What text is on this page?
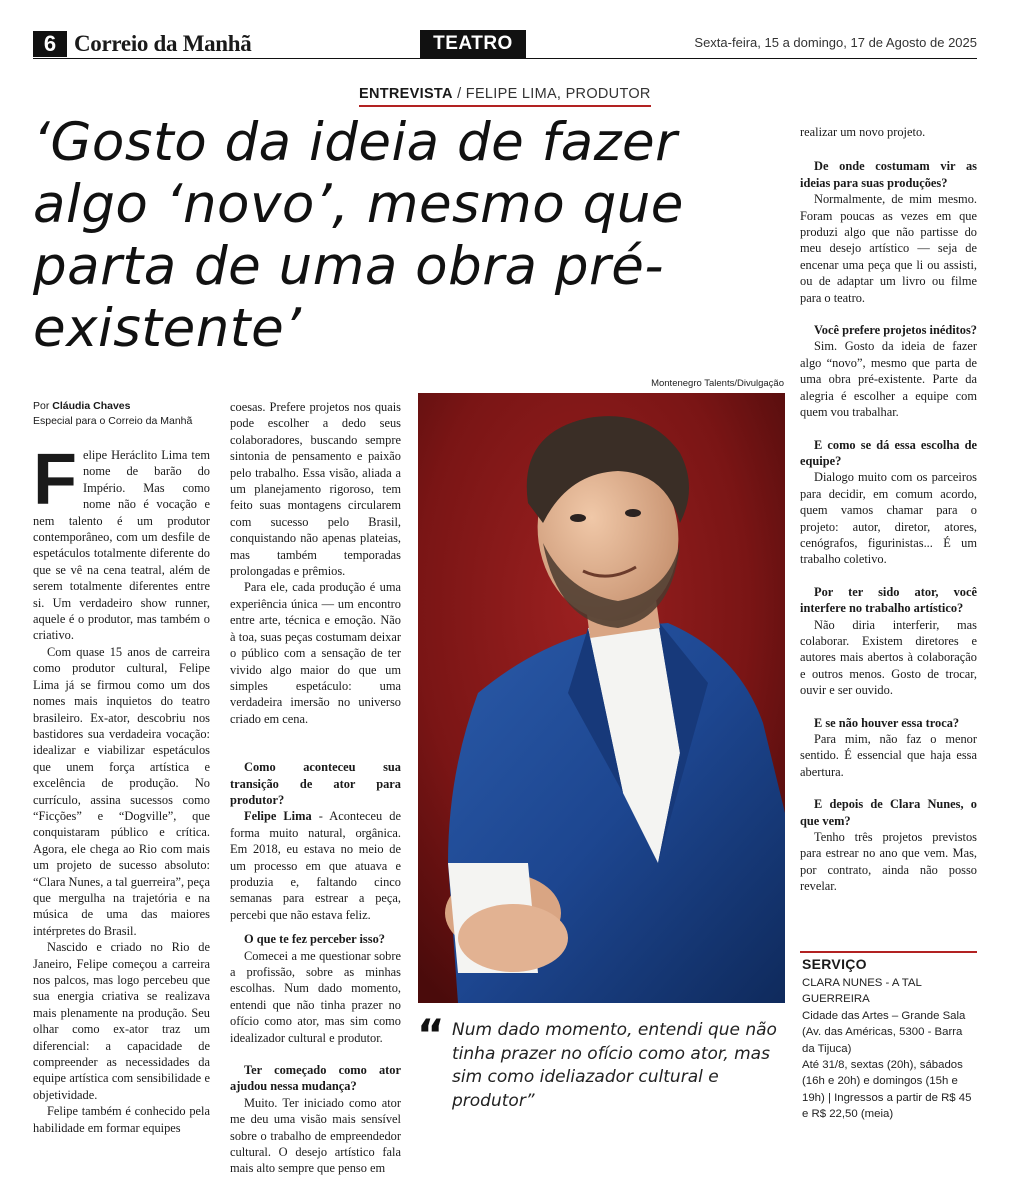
6 Correio da Manhã	TEATRO	Sexta-feira, 15 a domingo, 17 de Agosto de 2025
ENTREVISTA / FELIPE LIMA, PRODUTOR
‘Gosto da ideia de fazer algo ‘novo’, mesmo que parta de uma obra pré-existente’
Montenegro Talents/Divulgação
Por Cláudia Chaves
Especial para o Correio da Manhã

Felipe Heráclito Lima tem nome de barão do Império. Mas como nome não é vocação e nem talento é um produtor contemporâneo, com um desfile de espetáculos totalmente diferente do que se vê na cena teatral, além de serem totalmente diferentes entre si. Um verdadeiro show runner, aquele é o produtor, mas também o criativo.

Com quase 15 anos de carreira como produtor cultural, Felipe Lima já se firmou como um dos nomes mais inquietos do teatro brasileiro. Ex-ator, descobriu nos bastidores sua verdadeira vocação: idealizar e viabilizar espetáculos que unem força artística e excelência de produção. No currículo, assina sucessos como “Ficções” e “Dogville”, que conquistaram público e crítica. Agora, ele chega ao Rio com mais um projeto de sucesso absoluto: “Clara Nunes, a tal guerreira”, peça que mergulha na trajetória e na música de uma das maiores intérpretes do Brasil.

Nascido e criado no Rio de Janeiro, Felipe começou a carreira nos palcos, mas logo percebeu que sua energia criativa se realizava mais plenamente na produção. Seu olhar como ex-ator traz um diferencial: a capacidade de compreender as necessidades da equipe artística com sensibilidade e objetividade.

Felipe também é conhecido pela habilidade em formar equipes

coesas. Prefere projetos nos quais pode escolher a dedo seus colaboradores, buscando sempre sintonia de pensamento e paixão pelo trabalho. Essa visão, aliada a um planejamento rigoroso, tem feito suas montagens circularem com sucesso pelo Brasil, conquistando não apenas plateias, mas também temporadas prolongadas e prêmios.

Para ele, cada produção é uma experiência única — um encontro entre arte, técnica e emoção. Não à toa, suas peças costumam deixar o público com a sensação de ter vivido algo maior do que um simples espetáculo: uma verdadeira imersão no universo criado em cena.

Como aconteceu sua transição de ator para produtor?

Felipe Lima - Aconteceu de forma muito natural, orgânica. Em 2018, eu estava no meio de um processo em que atuava e produzia e, faltando cinco semanas para estrear a peça, percebi que não estava feliz.

O que te fez perceber isso?

Comecei a me questionar sobre a profissão, sobre as minhas escolhas. Num dado momento, entendi que não tinha prazer no ofício como ator, mas sim como idealizador cultural e produtor.

Ter começado como ator ajudou nessa mudança?

Muito. Ter iniciado como ator me deu uma visão mais sensível sobre o trabalho de empreendedor cultural. O desejo artístico fala mais alto sempre que penso em

“ Num dado momento, entendi que não tinha prazer no ofício como ator, mas sim como ideliazador cultural e produtor”

realizar um novo projeto.

De onde costumam vir as ideias para suas produções?

Normalmente, de mim mesmo. Foram poucas as vezes em que produzi algo que não partisse do meu desejo artístico — seja de encenar uma peça que li ou assisti, ou de adaptar um livro ou filme para o teatro.

Você prefere projetos inéditos?

Sim. Gosto da ideia de fazer algo “novo”, mesmo que parta de uma obra pré-existente. Parte da alegria é escolher a equipe com quem vou trabalhar.

E como se dá essa escolha de equipe?

Dialogo muito com os parceiros para decidir, em comum acordo, quem vamos chamar para o projeto: autor, diretor, atores, cenógrafos, figurinistas... É um trabalho coletivo.

Por ter sido ator, você interfere no trabalho artístico?

Não diria interferir, mas colaborar. Existem diretores e autores mais abertos à colaboração e outros menos. Gosto de trocar, ouvir e ser ouvido.

E se não houver essa troca?

Para mim, não faz o menor sentido. É essencial que haja essa abertura.

E depois de Clara Nunes, o que vem?

Tenho três projetos previstos para estrear no ano que vem. Mas, por contrato, ainda não posso revelar.

SERVIÇO
CLARA NUNES - A TAL GUERREIRA
Cidade das Artes – Grande Sala (Av. das Américas, 5300 - Barra da Tijuca)
Até 31/8, sextas (20h), sábados (16h e 20h) e domingos (15h e 19h) | Ingressos a partir de R$ 45 e R$ 22,50 (meia)
